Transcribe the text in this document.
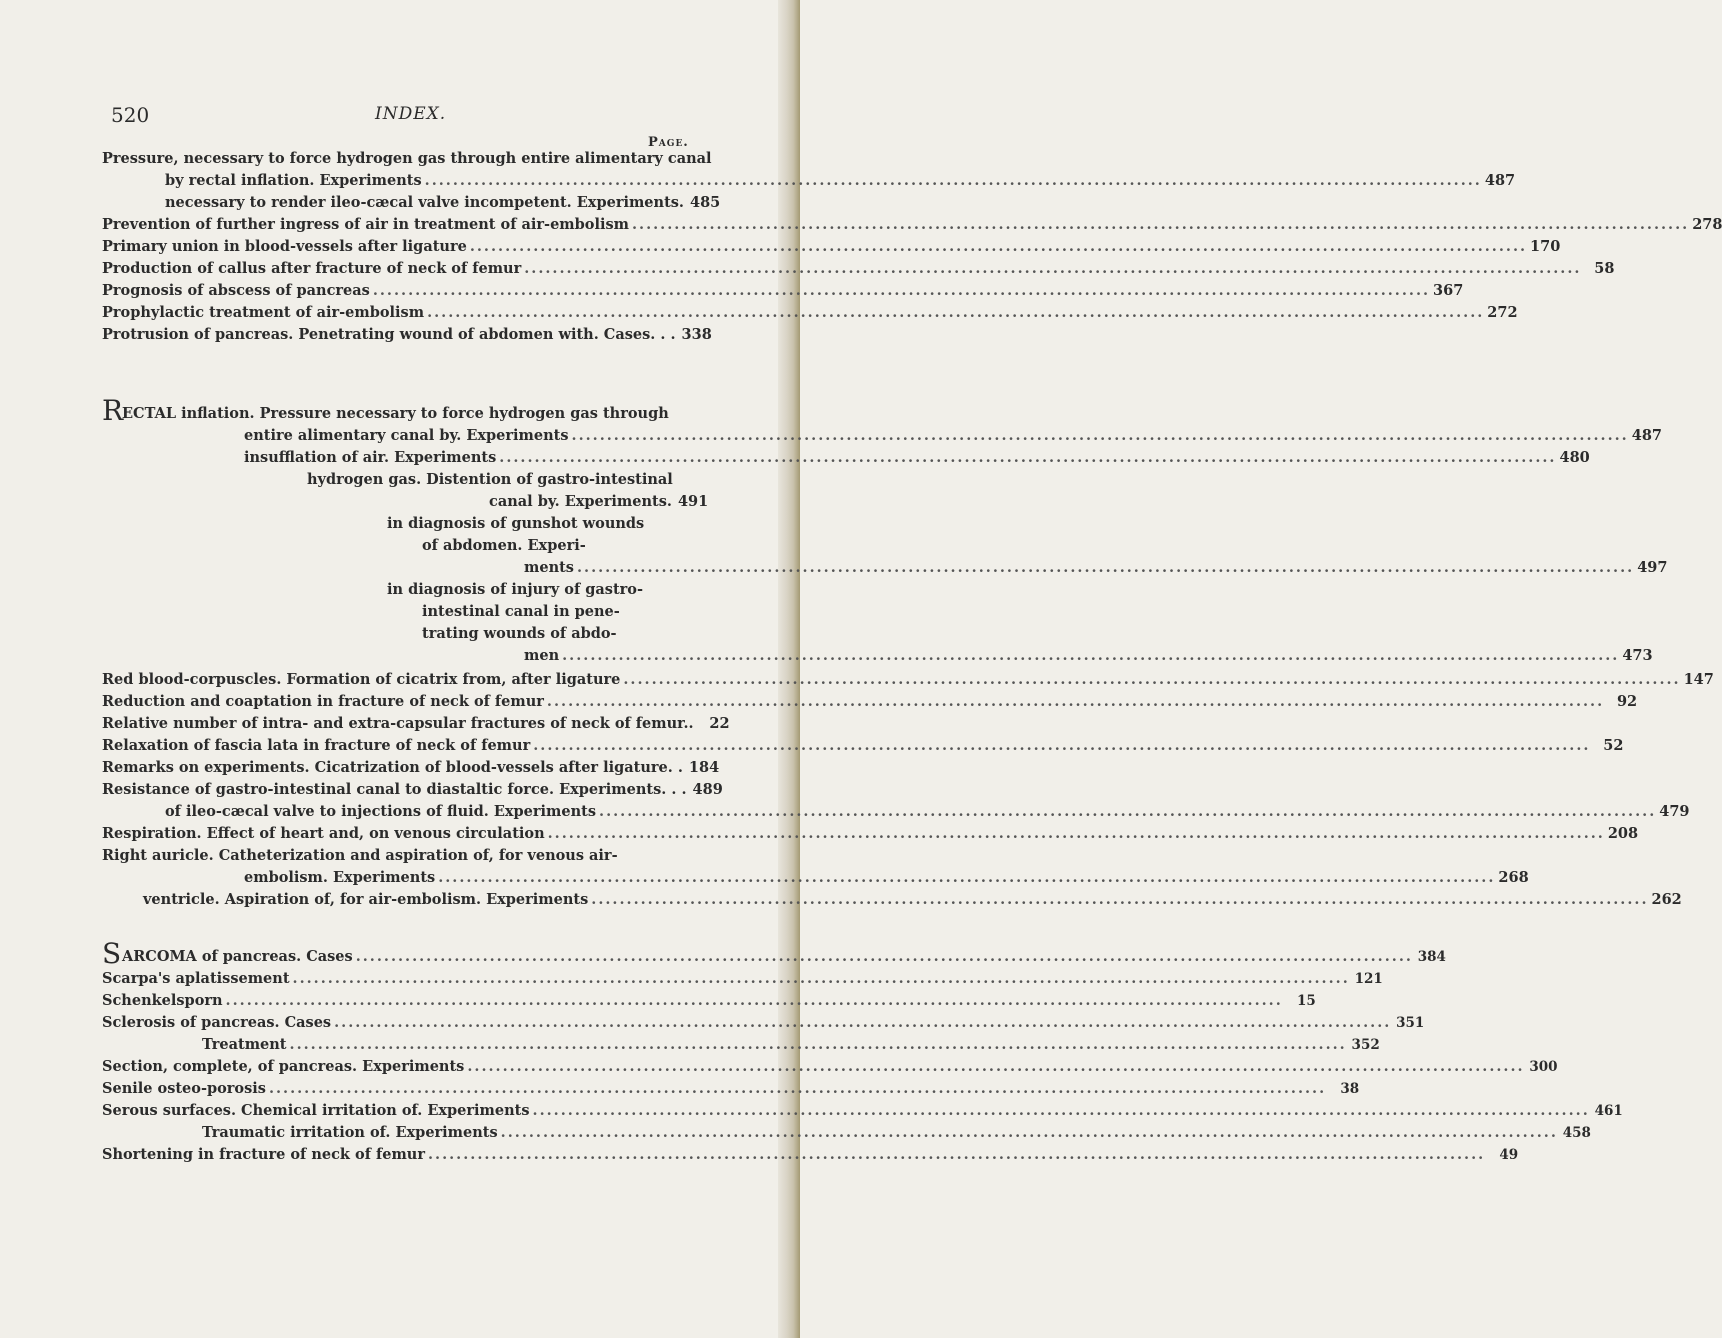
520	INDEX.
Page.
Pressure, necessary to force hydrogen gas through entire alimentary canal
by rectal inflation. Experiments .....	487
necessary to render ileo-cæcal valve incompetent. Experiments. 485
Prevention of further ingress of air in treatment of air-embolism .....	278
Primary union in blood-vessels after ligature .....	170
Production of callus after fracture of neck of femur .....	58
Prognosis of abscess of pancreas .....	367
Prophylactic treatment of air-embolism .....	272
Protrusion of pancreas. Penetrating wound of abdomen with. Cases. . . 338
R
ECTAL inflation. Pressure necessary to force hydrogen gas through
entire alimentary canal by. Experiments .....	487
insufflation of air. Experiments .....	480
hydrogen gas. Distention of gastro-intestinal
canal by. Experiments. 491
in diagnosis of gunshot wounds
of abdomen. Experi-
ments .....	497
in diagnosis of injury of gastro-
intestinal canal in pene-
trating wounds of abdo-
men .....	473
Red blood-corpuscles. Formation of cicatrix from, after ligature .....	147
Reduction and coaptation in fracture of neck of femur .....	92
Relative number of intra- and extra-capsular fractures of neck of femur..	22
Relaxation of fascia lata in fracture of neck of femur .....	52
Remarks on experiments. Cicatrization of blood-vessels after ligature. . 184
Resistance of gastro-intestinal canal to diastaltic force. Experiments. . . 489
of ileo-cæcal valve to injections of fluid. Experiments .....	479
Respiration. Effect of heart and, on venous circulation .....	208
Right auricle. Catheterization and aspiration of, for venous air-
embolism. Experiments .....	268
ventricle. Aspiration of, for air-embolism. Experiments .....	262
S ARCOMA of pancreas. Cases .....	384
Scarpa's aplatissement .....	121
Schenkelsporn .....	15
Sclerosis of pancreas. Cases .....	351
Treatment .....	352
Section, complete, of pancreas. Experiments .....	300
Senile osteo-porosis .....	38
Serous surfaces. Chemical irritation of. Experiments .....	461
Traumatic irritation of. Experiments .....	458
Shortening in fracture of neck of femur .....	49
